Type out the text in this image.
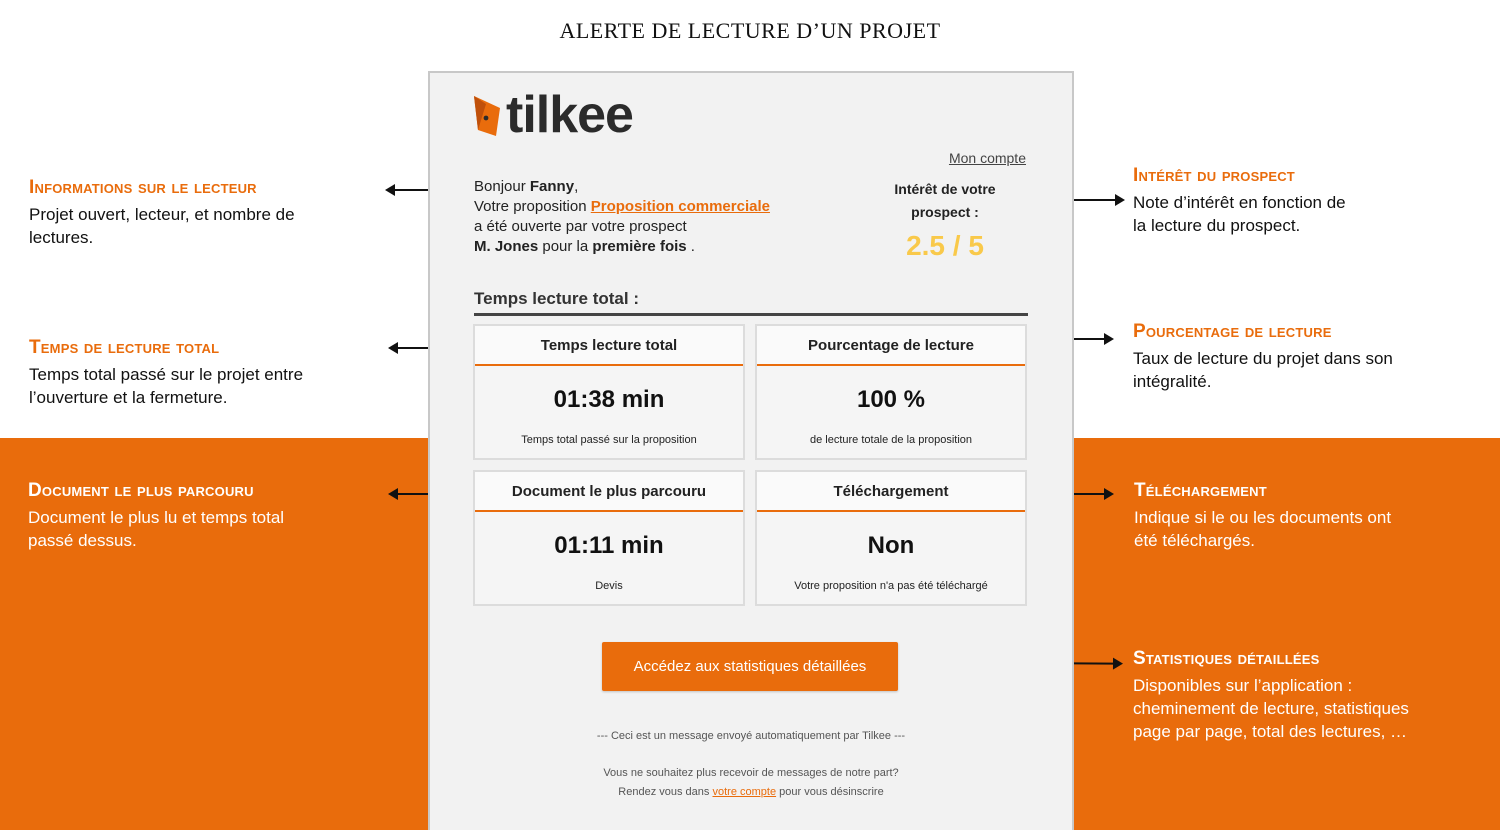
ALERTE DE LECTURE D’UN PROJET
Informations sur le lecteur
Projet ouvert, lecteur, et nombre de
lectures.
Temps de lecture total
Temps total passé sur le projet entre
l’ouverture et la fermeture.
Document le plus parcouru
Document le plus lu et temps total
passé dessus.
Intérêt du prospect
Note d’intérêt en fonction de
la lecture du prospect.
Pourcentage de lecture
Taux de lecture du projet dans son
intégralité.
Téléchargement
Indique si le ou les documents ont
été téléchargés.
Statistiques détaillées
Disponibles sur l’application :
cheminement de lecture, statistiques
page par page, total des lectures, …
tilkee
Mon compte
Bonjour Fanny,
Votre proposition Proposition commerciale
a été ouverte par votre prospect
M. Jones pour la première fois .
Intérêt de votre
prospect :
2.5 / 5
Temps lecture total :
Temps lecture total
01:38 min
Temps total passé sur la proposition
Pourcentage de lecture
100 %
de lecture totale de la proposition
Document le plus parcouru
01:11 min
Devis
Téléchargement
Non
Votre proposition n'a pas été téléchargé
Accédez aux statistiques détaillées
--- Ceci est un message envoyé automatiquement par Tilkee ---
Vous ne souhaitez plus recevoir de messages de notre part?
Rendez vous dans votre compte pour vous désinscrire
